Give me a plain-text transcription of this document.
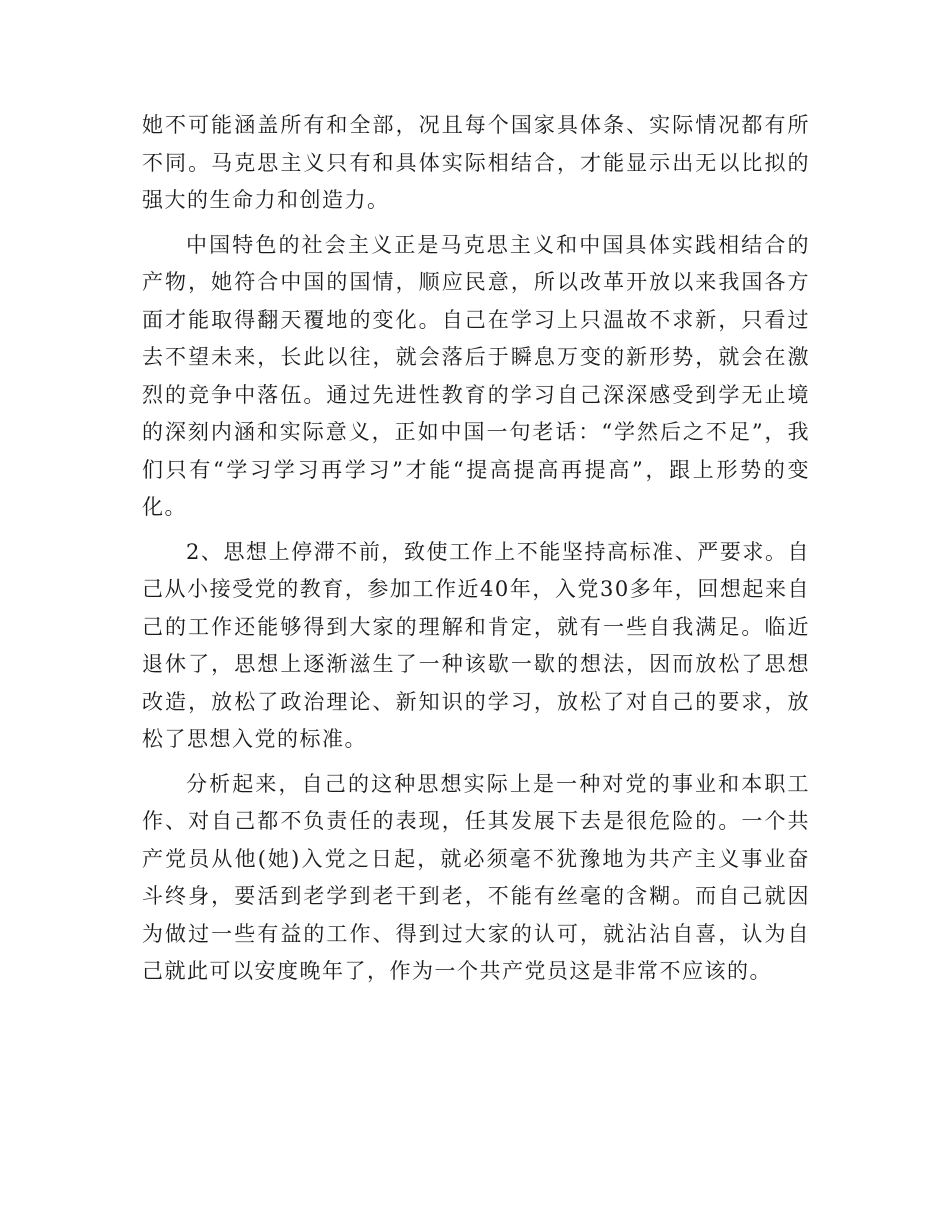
她不可能涵盖所有和全部，况且每个国家具体条、实际情况都有所不同。马克思主义只有和具体实际相结合，才能显示出无以比拟的强大的生命力和创造力。

中国特色的社会主义正是马克思主义和中国具体实践相结合的产物，她符合中国的国情，顺应民意，所以改革开放以来我国各方面才能取得翻天覆地的变化。自己在学习上只温故不求新，只看过去不望未来，长此以往，就会落后于瞬息万变的新形势，就会在激烈的竞争中落伍。通过先进性教育的学习自己深深感受到学无止境的深刻内涵和实际意义，正如中国一句老话：“学然后之不足”，我们只有“学习学习再学习”才能“提高提高再提高”，跟上形势的变化。

2、思想上停滞不前，致使工作上不能坚持高标准、严要求。自己从小接受党的教育，参加工作近40年，入党30多年，回想起来自己的工作还能够得到大家的理解和肯定，就有一些自我满足。临近退休了，思想上逐渐滋生了一种该歇一歇的想法，因而放松了思想改造，放松了政治理论、新知识的学习，放松了对自己的要求，放松了思想入党的标准。

分析起来，自己的这种思想实际上是一种对党的事业和本职工作、对自己都不负责任的表现，任其发展下去是很危险的。一个共产党员从他(她)入党之日起，就必须毫不犹豫地为共产主义事业奋斗终身，要活到老学到老干到老，不能有丝毫的含糊。而自己就因为做过一些有益的工作、得到过大家的认可，就沾沾自喜，认为自己就此可以安度晚年了，作为一个共产党员这是非常不应该的。
